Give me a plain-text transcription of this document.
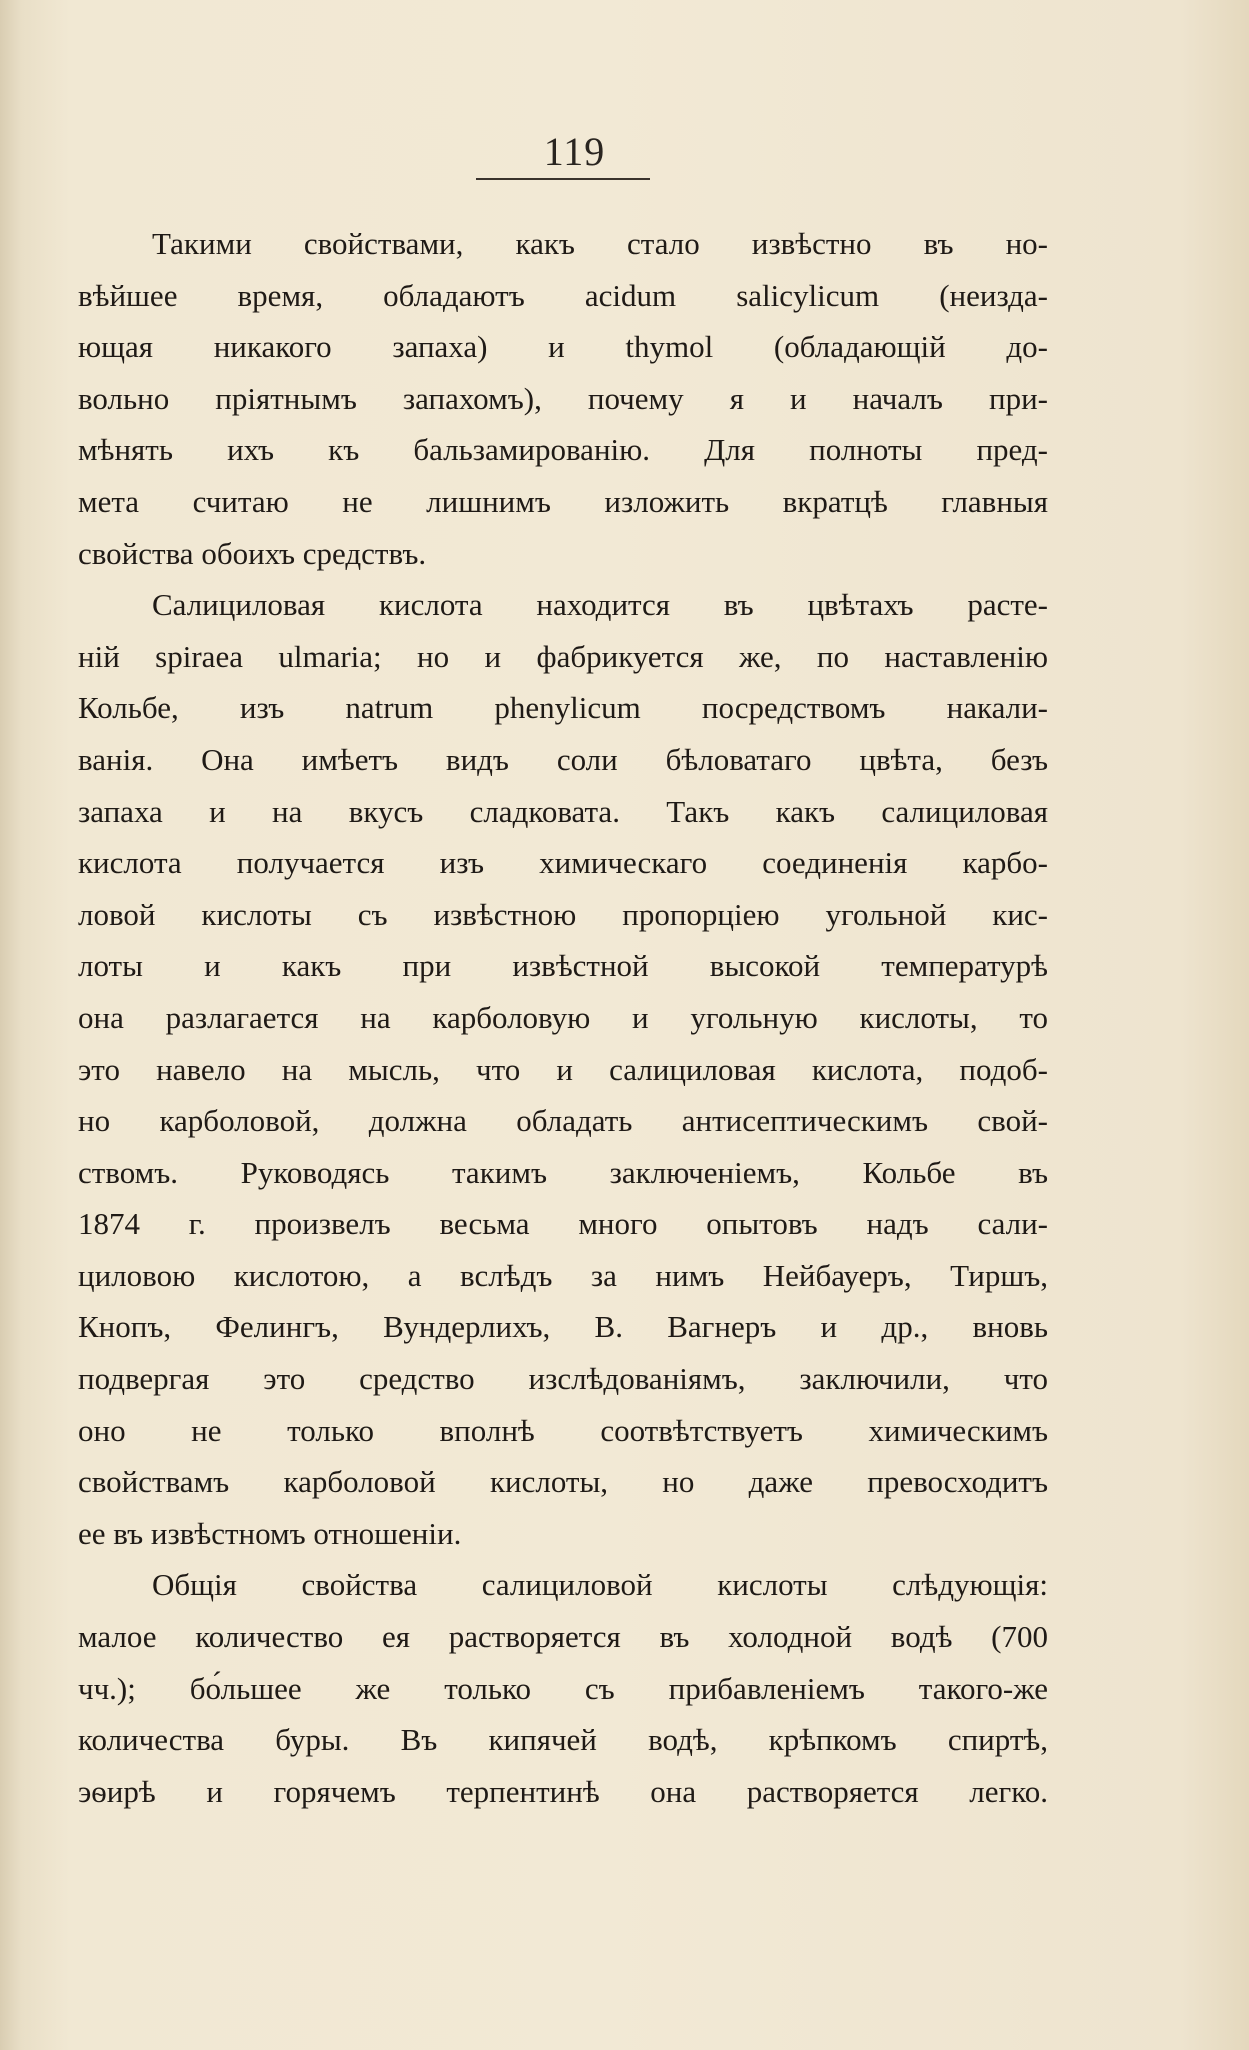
119
Такими свойствами, какъ стало извѣстно въ но-
вѣйшее время, обладаютъ acidum salicylicum (неизда-
ющая никакого запаха) и thymol (обладающій до-
вольно пріятнымъ запахомъ), почему я и началъ при-
мѣнять ихъ къ бальзамированію. Для полноты пред-
мета считаю не лишнимъ изложить вкратцѣ главныя
свойства обоихъ средствъ.
Салициловая кислота находится въ цвѣтахъ расте-
ній spiraea ulmaria; но и фабрикуется же, по наставленію
Кольбе, изъ natrum phenylicum посредствомъ накали-
ванія. Она имѣетъ видъ соли бѣловатаго цвѣта, безъ
запаха и на вкусъ сладковата. Такъ какъ салициловая
кислота получается изъ химическаго соединенія карбо-
ловой кислоты съ извѣстною пропорціею угольной кис-
лоты и какъ при извѣстной высокой температурѣ
она разлагается на карболовую и угольную кислоты, то
это навело на мысль, что и салициловая кислота, подоб-
но карболовой, должна обладать антисептическимъ свой-
ствомъ. Руководясь такимъ заключеніемъ, Кольбе въ
1874 г. произвелъ весьма много опытовъ надъ сали-
циловою кислотою, а вслѣдъ за нимъ Нейбауеръ, Тиршъ,
Кнопъ, Фелингъ, Вундерлихъ, В. Вагнеръ и др., вновь
подвергая это средство изслѣдованіямъ, заключили, что
оно не только вполнѣ соотвѣтствуетъ химическимъ
свойствамъ карболовой кислоты, но даже превосходитъ
ее въ извѣстномъ отношеніи.
Общія свойства салициловой кислоты слѣдующія:
малое количество ея растворяется въ холодной водѣ (700
чч.); бо́льшее же только съ прибавленіемъ такого-же
количества буры. Въ кипячей водѣ, крѣпкомъ спиртѣ,
эѳирѣ и горячемъ терпентинѣ она растворяется легко.
